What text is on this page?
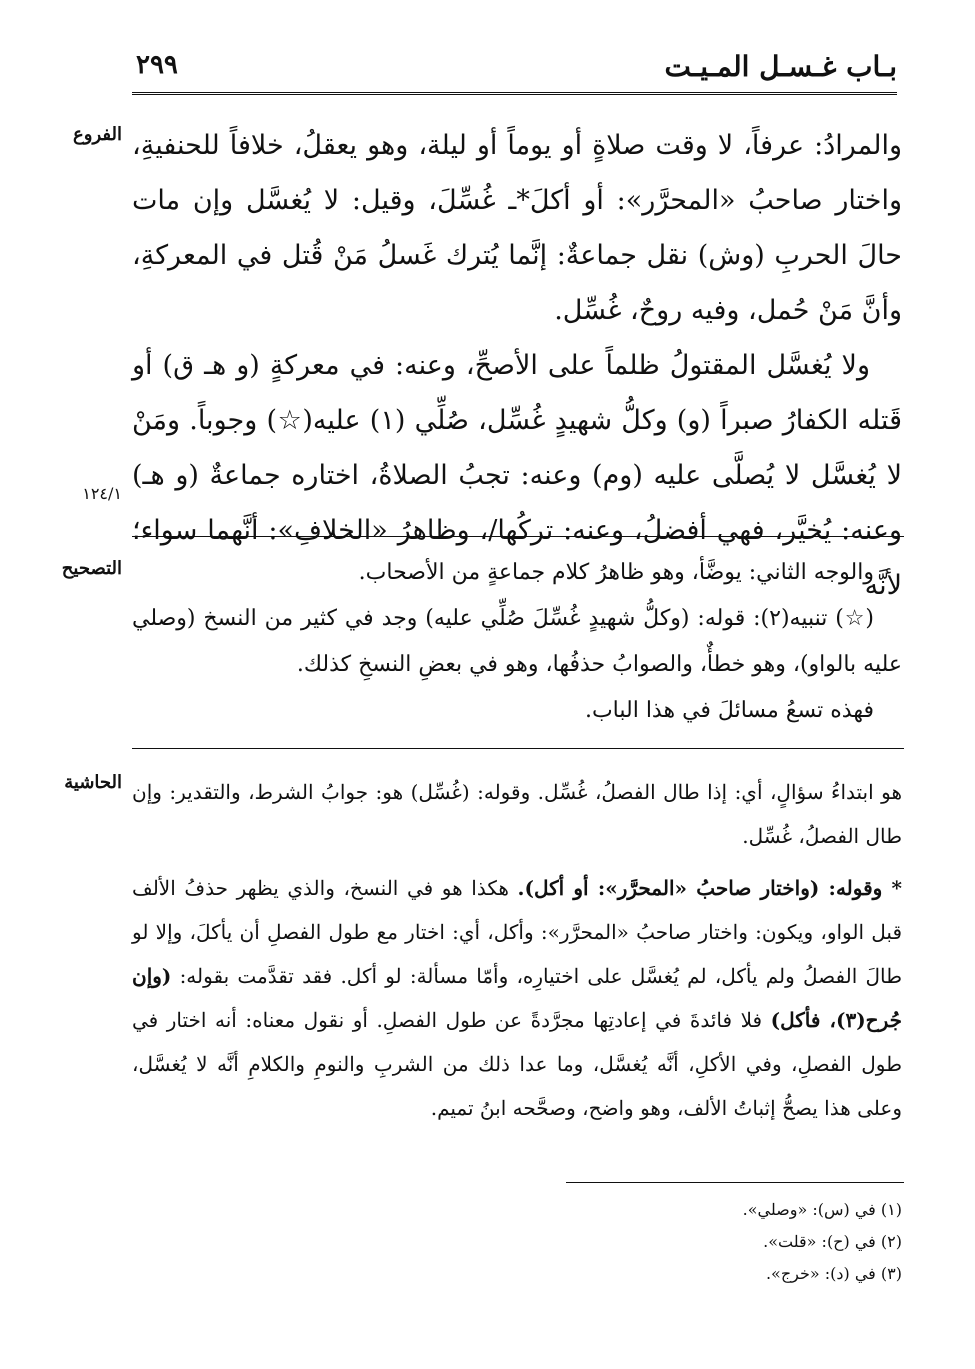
بـاب غـسـل المـيـت
٢٩٩
الفروع
١٢٤/١
التصحيح
الحاشية

والمرادُ: عرفاً، لا وقت صلاةٍ أو يوماً أو ليلة، وهو يعقلُ، خلافاً للحنفيةِ، واختار صاحبُ «المحرَّر»: أو أكلَ*ـ غُسِّلَ، وقيل: لا يُغسَّل وإن مات حالَ الحربِ (وش) نقل جماعةٌ: إنَّما يُترك غَسلُ مَنْ قُتل في المعركةِ، وأنَّ مَنْ حُمل، وفيه روحٌ، غُسِّل.

ولا يُغسَّل المقتولُ ظلماً على الأصحِّ، وعنه: في معركةٍ (و هـ ق) أو قَتله الكفارُ صبراً (و) وكلُّ شهيدٍ غُسِّل، صُلِّي (١) عليه(☆) وجوباً. ومَنْ لا يُغسَّل لا يُصلَّى عليه (وم) وعنه: تجبُ الصلاةُ، اختاره جماعةٌ (و هـ) وعنه: يُخيَّر، فهي أفضلُ، وعنه: تركُها/، وظاهرُ «الخلافِ»: أنَّهما سواء؛ لأنَّه

والوجه الثاني: يوضَّأ، وهو ظاهرُ كلام جماعةٍ من الأصحاب.

(☆) تنبيه(٢): قوله: (وكلُّ شهيدٍ غُسِّلَ صُلِّي عليه) وجد في كثير من النسخ (وصلي عليه بالواو)، وهو خطأٌ، والصوابُ حذفُها، وهو في بعضِ النسخِ كذلك.

فهذه تسعُ مسائلَ في هذا الباب.

هو ابتداءُ سؤالٍ، أي: إذا طال الفصلُ، غُسِّل. وقوله: (غُسِّل) هو: جوابُ الشرط، والتقدير: وإن طال الفصلُ، غُسِّل.

* وقوله: (واختار صاحبُ «المحرَّر»: أو أكل). هكذا هو في النسخ، والذي يظهر حذفُ الألف قبل الواو، ويكون: واختار صاحبُ «المحرَّر»: وأكل، أي: اختار مع طول الفصلِ أن يأكلَ، وإلا لو طالَ الفصلُ ولم يأكل، لم يُغسَّل على اختيارِه، وأمّا مسألة: لو أكل. فقد تقدَّمت بقوله: (وإن جُرح(٣)، فأكل) فلا فائدةَ في إعادتِها مجرَّدةً عن طول الفصلِ. أو نقول معناه: أنه اختار في طول الفصلِ، وفي الأكلِ، أنَّه يُغسَّل، وما عدا ذلك من الشربِ والنومِ والكلامِ أنَّه لا يُغسَّل، وعلى هذا يصحُّ إثباتُ الألف، وهو واضح، وصحَّحه ابنُ تميم.

(١) في (س): «وصلي».
(٢) في (ح): «قلت».
(٣) في (د): «خرج».
